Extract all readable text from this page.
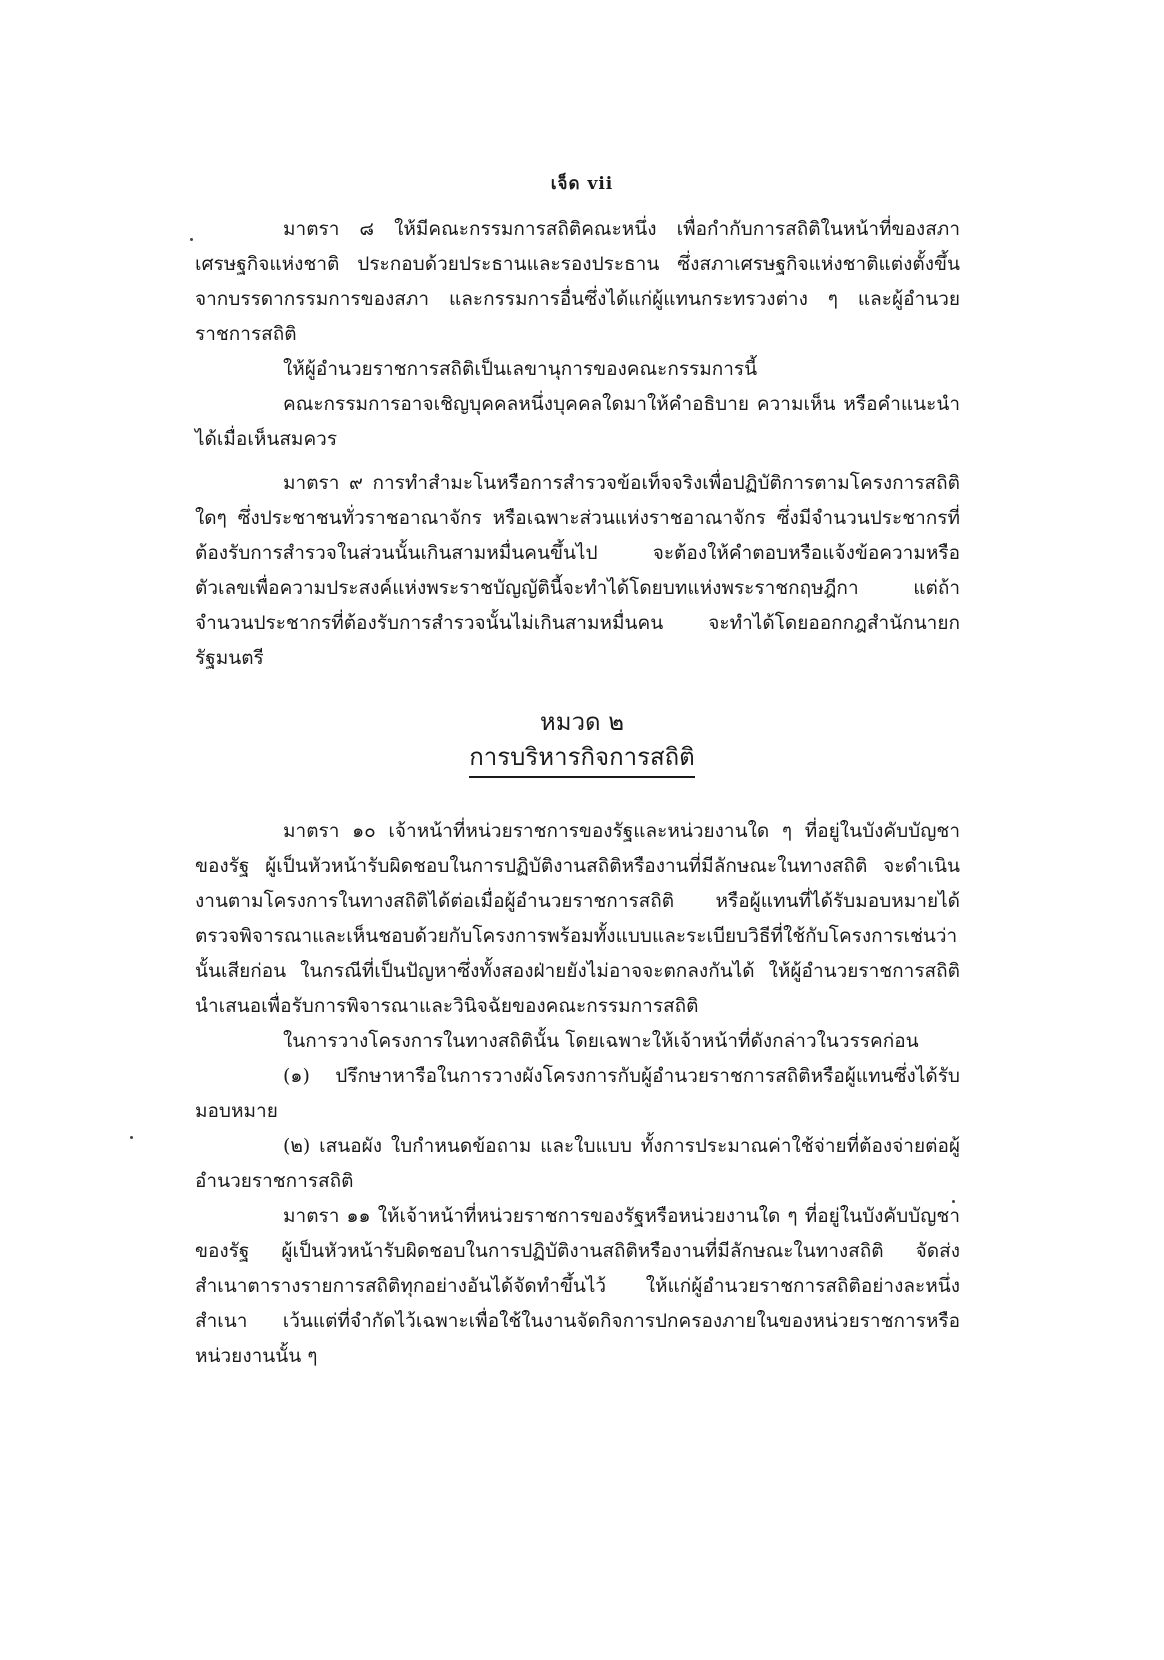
เจ็ด vii

มาตรา ๘ ให้มีคณะกรรมการสถิติคณะหนึ่ง เพื่อกำกับการสถิติในหน้าที่ของสภาเศรษฐกิจแห่งชาติ ประกอบด้วยประธานและรองประธาน ซึ่งสภาเศรษฐกิจแห่งชาติแต่งตั้งขึ้นจากบรรดากรรมการของสภา และกรรมการอื่นซึ่งได้แก่ผู้แทนกระทรวงต่าง ๆ และผู้อำนวยราชการสถิติ

ให้ผู้อำนวยราชการสถิติเป็นเลขานุการของคณะกรรมการนี้

คณะกรรมการอาจเชิญบุคคลหนึ่งบุคคลใดมาให้คำอธิบาย ความเห็น หรือคำแนะนำได้เมื่อเห็นสมควร

มาตรา ๙ การทำสำมะโนหรือการสำรวจข้อเท็จจริงเพื่อปฏิบัติการตามโครงการสถิติใดๆ ซึ่งประชาชนทั่วราชอาณาจักร หรือเฉพาะส่วนแห่งราชอาณาจักร ซึ่งมีจำนวนประชากรที่ต้องรับการสำรวจในส่วนนั้นเกินสามหมื่นคนขึ้นไป จะต้องให้คำตอบหรือแจ้งข้อความหรือตัวเลขเพื่อความประสงค์แห่งพระราชบัญญัตินี้จะทำได้โดยบทแห่งพระราชกฤษฎีกา แต่ถ้าจำนวนประชากรที่ต้องรับการสำรวจนั้นไม่เกินสามหมื่นคน จะทำได้โดยออกกฎสำนักนายกรัฐมนตรี

หมวด ๒
การบริหารกิจการสถิติ

มาตรา ๑๐ เจ้าหน้าที่หน่วยราชการของรัฐและหน่วยงานใด ๆ ที่อยู่ในบังคับบัญชาของรัฐ ผู้เป็นหัวหน้ารับผิดชอบในการปฏิบัติงานสถิติหรืองานที่มีลักษณะในทางสถิติ จะดำเนินงานตามโครงการในทางสถิติได้ต่อเมื่อผู้อำนวยราชการสถิติ หรือผู้แทนที่ได้รับมอบหมายได้ตรวจพิจารณาและเห็นชอบด้วยกับโครงการพร้อมทั้งแบบและระเบียบวิธีที่ใช้กับโครงการเช่นว่านั้นเสียก่อน ในกรณีที่เป็นปัญหาซึ่งทั้งสองฝ่ายยังไม่อาจจะตกลงกันได้ ให้ผู้อำนวยราชการสถิตินำเสนอเพื่อรับการพิจารณาและวินิจฉัยของคณะกรรมการสถิติ

ในการวางโครงการในทางสถิตินั้น โดยเฉพาะให้เจ้าหน้าที่ดังกล่าวในวรรคก่อน

(๑) ปรึกษาหารือในการวางผังโครงการกับผู้อำนวยราชการสถิติหรือผู้แทนซึ่งได้รับมอบหมาย

(๒) เสนอผัง ใบกำหนดข้อถาม และใบแบบ ทั้งการประมาณค่าใช้จ่ายที่ต้องจ่ายต่อผู้อำนวยราชการสถิติ

มาตรา ๑๑ ให้เจ้าหน้าที่หน่วยราชการของรัฐหรือหน่วยงานใด ๆ ที่อยู่ในบังคับบัญชาของรัฐ ผู้เป็นหัวหน้ารับผิดชอบในการปฏิบัติงานสถิติหรืองานที่มีลักษณะในทางสถิติ จัดส่งสำเนาตารางรายการสถิติทุกอย่างอันได้จัดทำขึ้นไว้ ให้แก่ผู้อำนวยราชการสถิติอย่างละหนึ่งสำเนา เว้นแต่ที่จำกัดไว้เฉพาะเพื่อใช้ในงานจัดกิจการปกครองภายในของหน่วยราชการหรือหน่วยงานนั้น ๆ
